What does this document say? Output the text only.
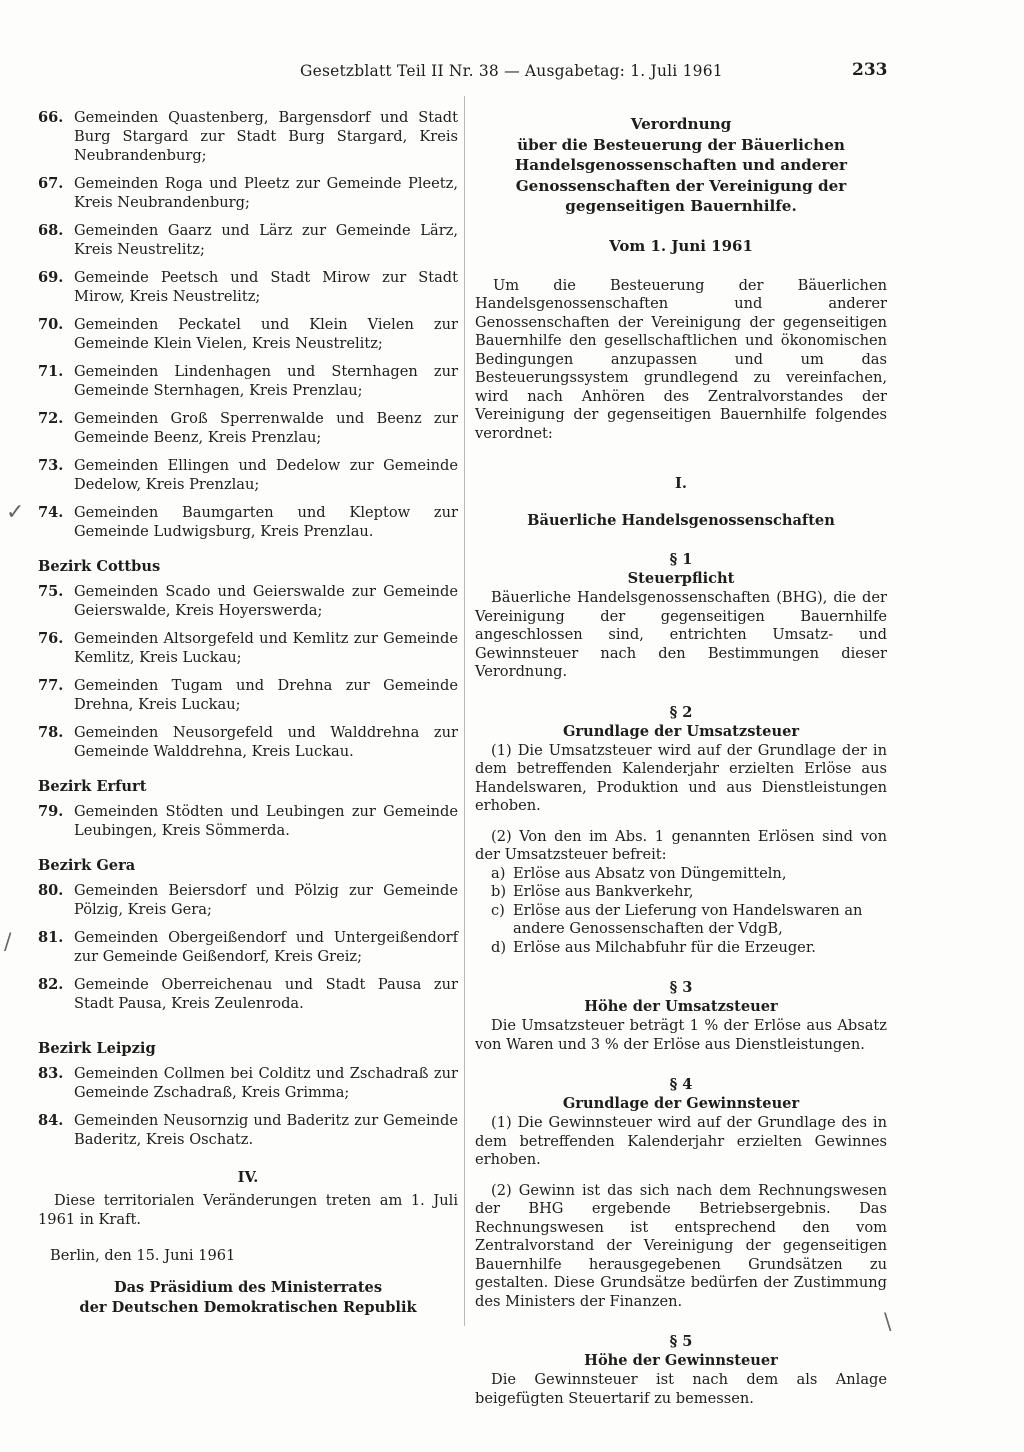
Gesetzblatt Teil II Nr. 38 — Ausgabetag: 1. Juli 1961	233
66. Gemeinden Quastenberg, Bargensdorf und Stadt Burg Stargard zur Stadt Burg Stargard, Kreis Neubrandenburg;
67. Gemeinden Roga und Pleetz zur Gemeinde Pleetz, Kreis Neubrandenburg;
68. Gemeinden Gaarz und Lärz zur Gemeinde Lärz, Kreis Neustrelitz;
69. Gemeinde Peetsch und Stadt Mirow zur Stadt Mirow, Kreis Neustrelitz;
70. Gemeinden Peckatel und Klein Vielen zur Gemeinde Klein Vielen, Kreis Neustrelitz;
71. Gemeinden Lindenhagen und Sternhagen zur Gemeinde Sternhagen, Kreis Prenzlau;
72. Gemeinden Groß Sperrenwalde und Beenz zur Gemeinde Beenz, Kreis Prenzlau;
73. Gemeinden Ellingen und Dedelow zur Gemeinde Dedelow, Kreis Prenzlau;
74. Gemeinden Baumgarten und Kleptow zur Gemeinde Ludwigsburg, Kreis Prenzlau.
Bezirk Cottbus
75. Gemeinden Scado und Geierswalde zur Gemeinde Geierswalde, Kreis Hoyerswerda;
76. Gemeinden Altsorgefeld und Kemlitz zur Gemeinde Kemlitz, Kreis Luckau;
77. Gemeinden Tugam und Drehna zur Gemeinde Drehna, Kreis Luckau;
78. Gemeinden Neusorgefeld und Walddrehna zur Gemeinde Walddrehna, Kreis Luckau.
Bezirk Erfurt
79. Gemeinden Stödten und Leubingen zur Gemeinde Leubingen, Kreis Sömmerda.
Bezirk Gera
80. Gemeinden Beiersdorf und Pölzig zur Gemeinde Pölzig, Kreis Gera;
81. Gemeinden Obergeißendorf und Untergeißendorf zur Gemeinde Geißendorf, Kreis Greiz;
82. Gemeinde Oberreichenau und Stadt Pausa zur Stadt Pausa, Kreis Zeulenroda.
Bezirk Leipzig
83. Gemeinden Collmen bei Colditz und Zschadraß zur Gemeinde Zschadraß, Kreis Grimma;
84. Gemeinden Neusornzig und Baderitz zur Gemeinde Baderitz, Kreis Oschatz.
IV.
Diese territorialen Veränderungen treten am 1. Juli 1961 in Kraft.
Berlin, den 15. Juni 1961
Das Präsidium des Ministerrates
der Deutschen Demokratischen Republik
Verordnung
über die Besteuerung der Bäuerlichen Handelsgenossenschaften und anderer Genossenschaften der Vereinigung der gegenseitigen Bauernhilfe.
Vom 1. Juni 1961
Um die Besteuerung der Bäuerlichen Handelsgenossenschaften und anderer Genossenschaften der Vereinigung der gegenseitigen Bauernhilfe den gesellschaftlichen und ökonomischen Bedingungen anzupassen und um das Besteuerungssystem grundlegend zu vereinfachen, wird nach Anhören des Zentralvorstandes der Vereinigung der gegenseitigen Bauernhilfe folgendes verordnet:
I.
Bäuerliche Handelsgenossenschaften
§ 1
Steuerpflicht
Bäuerliche Handelsgenossenschaften (BHG), die der Vereinigung der gegenseitigen Bauernhilfe angeschlossen sind, entrichten Umsatz- und Gewinnsteuer nach den Bestimmungen dieser Verordnung.
§ 2
Grundlage der Umsatzsteuer
(1) Die Umsatzsteuer wird auf der Grundlage der in dem betreffenden Kalenderjahr erzielten Erlöse aus Handelswaren, Produktion und aus Dienstleistungen erhoben.
(2) Von den im Abs. 1 genannten Erlösen sind von der Umsatzsteuer befreit:
a) Erlöse aus Absatz von Düngemitteln,
b) Erlöse aus Bankverkehr,
c) Erlöse aus der Lieferung von Handelswaren an andere Genossenschaften der VdgB,
d) Erlöse aus Milchabfuhr für die Erzeuger.
§ 3
Höhe der Umsatzsteuer
Die Umsatzsteuer beträgt 1 % der Erlöse aus Absatz von Waren und 3 % der Erlöse aus Dienstleistungen.
§ 4
Grundlage der Gewinnsteuer
(1) Die Gewinnsteuer wird auf der Grundlage des in dem betreffenden Kalenderjahr erzielten Gewinnes erhoben.
(2) Gewinn ist das sich nach dem Rechnungswesen der BHG ergebende Betriebsergebnis. Das Rechnungswesen ist entsprechend den vom Zentralvorstand der Vereinigung der gegenseitigen Bauernhilfe herausgegebenen Grundsätzen zu gestalten. Diese Grundsätze bedürfen der Zustimmung des Ministers der Finanzen.
§ 5
Höhe der Gewinnsteuer
Die Gewinnsteuer ist nach dem als Anlage beigefügten Steuertarif zu bemessen.
✓
/
\
